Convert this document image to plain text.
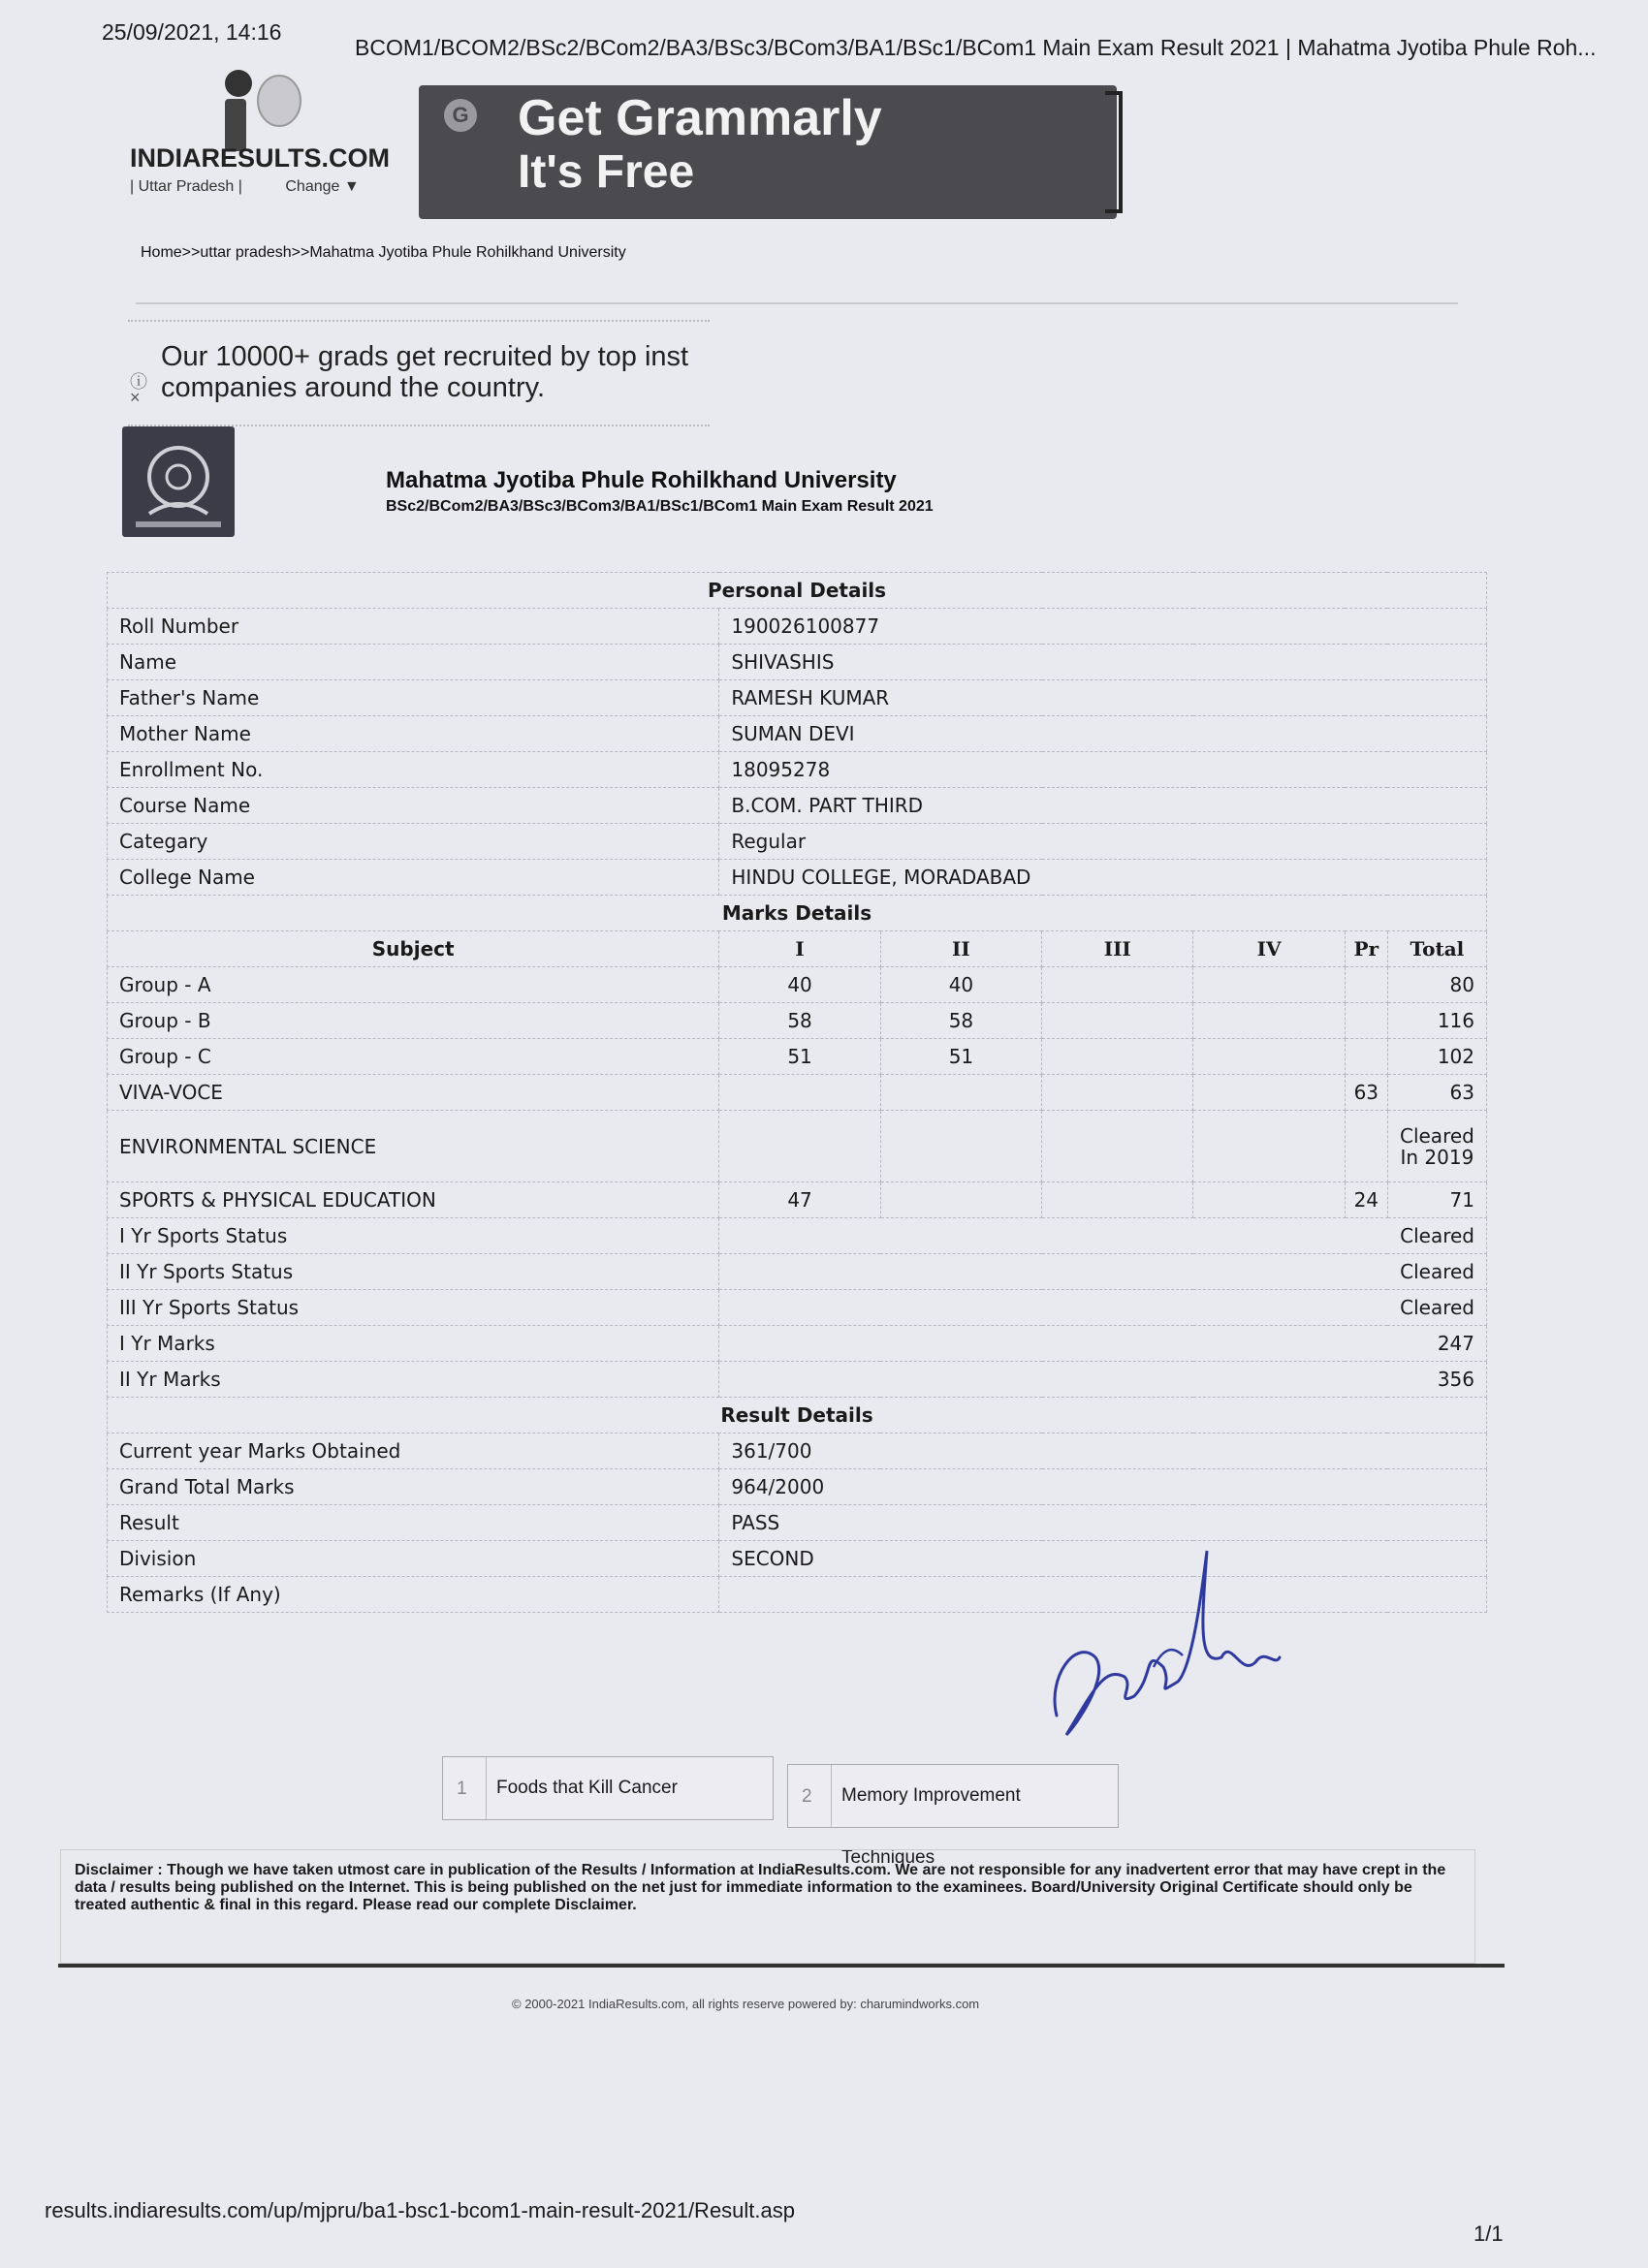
25/09/2021, 14:16
BCOM1/BCOM2/BSc2/BCom2/BA3/BSc3/BCom3/BA1/BSc1/BCom1 Main Exam Result 2021 | Mahatma Jyotiba Phule Roh...
INDIARESULTS.COM
| Uttar Pradesh |	Change ▼
G Get Grammarly
It's Free
Home>>uttar pradesh>>Mahatma Jyotiba Phule Rohilkhand University
Our 10000+ grads get recruited by top inst
companies around the country.
ⓘ
×
Mahatma Jyotiba Phule Rohilkhand University
BSc2/BCom2/BA3/BSc3/BCom3/BA1/BSc1/BCom1 Main Exam Result 2021
Personal Details						
Roll Number	190026100877					
Name	SHIVASHIS					
Father's Name	RAMESH KUMAR					
Mother Name	SUMAN DEVI					
Enrollment No.	18095278					
Course Name	B.COM. PART THIRD					
Categary	Regular					
College Name	HINDU COLLEGE, MORADABAD					
Marks Details						
Subject	I	II	III	IV	Pr	Total
Group - A	40	40				80
Group - B	58	58				116
Group - C	51	51				102
VIVA-VOCE					63	63
ENVIRONMENTAL SCIENCE						Cleared In 2019
SPORTS & PHYSICAL EDUCATION	47				24	71
I Yr Sports Status	Cleared					
II Yr Sports Status	Cleared					
III Yr Sports Status	Cleared					
I Yr Marks	247					
II Yr Marks	356					
Result Details						
Current year Marks Obtained	361/700					
Grand Total Marks	964/2000					
Result	PASS					
Division	SECOND					
Remarks (If Any)						
1	Foods that Kill Cancer	2	Memory Improvement Techniques
Disclaimer : Though we have taken utmost care in publication of the Results / Information at IndiaResults.com. We are not responsible for any inadvertent error that may have crept in the data / results being published on the Internet. This is being published on the net just for immediate information to the examinees. Board/University Original Certificate should only be treated authentic & final in this regard. Please read our complete Disclaimer.
© 2000-2021 IndiaResults.com, all rights reserve powered by: charumindworks.com
results.indiaresults.com/up/mjpru/ba1-bsc1-bcom1-main-result-2021/Result.asp
1/1
